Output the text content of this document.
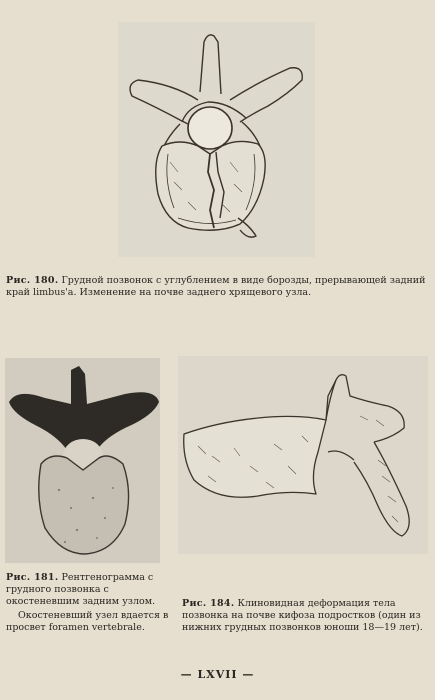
Рис. 180. Грудной позвонок с углублением в виде борозды, прерывающей задний край limbus'а. Изменение на почве заднего хрящевого узла.

Рис. 181. Рентгенограмма с грудного позвонка с окостеневшим задним узлом.

Окостеневший узел вдается в просвет foramen vertebrale.

Рис. 184. Клиновидная деформация тела позвонка на почве кифоза подростков (один из нижних грудных позвонков юноши 18—19 лет).

— LXVII —
